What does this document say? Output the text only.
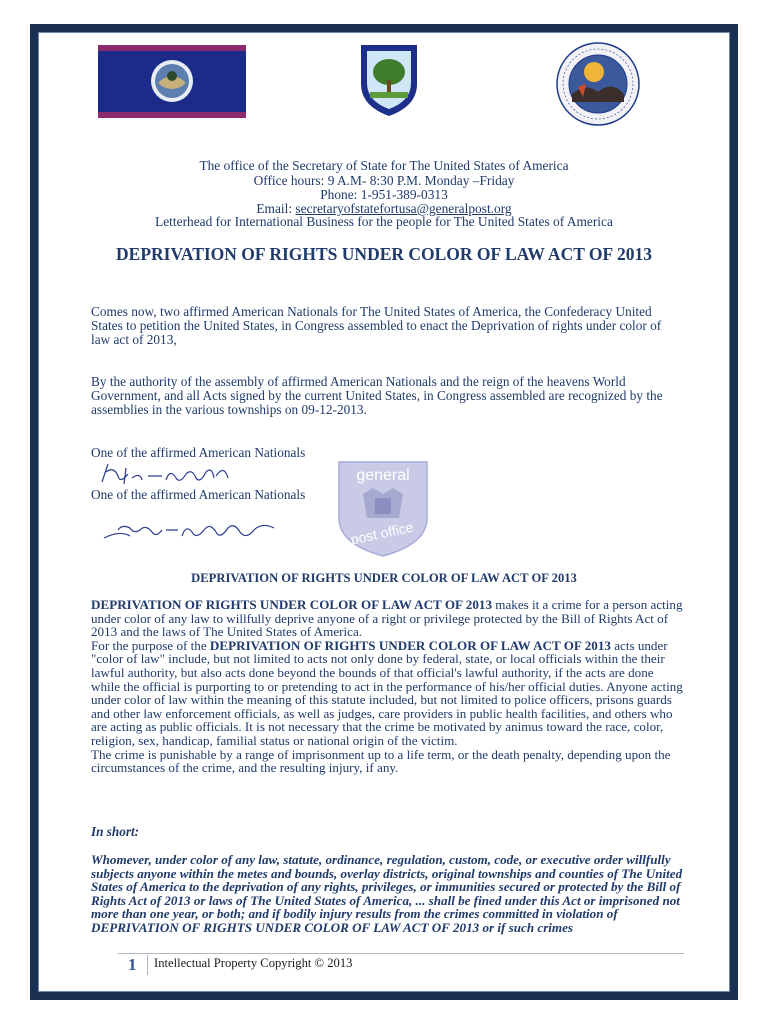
The office of the Secretary of State for The United States of America
Office hours: 9 A.M- 8:30 P.M. Monday –Friday
Phone: 1-951-389-0313
Email: secretaryofstatefortusa@generalpost.org
Letterhead for International Business for the people for The United States of America
DEPRIVATION OF RIGHTS UNDER COLOR OF LAW ACT OF 2013
Comes now, two affirmed American Nationals for The United States of America, the Confederacy United States to petition the United States, in Congress assembled to enact the Deprivation of rights under color of law act of 2013,
By the authority of the assembly of affirmed American Nationals and the reign of the heavens World Government, and all Acts signed by the current United States, in Congress assembled are recognized by the assemblies in the various townships on 09-12-2013.
One of the affirmed American Nationals
One of the affirmed American Nationals
general
post office
DEPRIVATION OF RIGHTS UNDER COLOR OF LAW ACT OF 2013

DEPRIVATION OF RIGHTS UNDER COLOR OF LAW ACT OF 2013 makes it a crime for a person acting under color of any law to willfully deprive anyone of a right or privilege protected by the Bill of Rights Act of 2013 and the laws of The United States of America.

For the purpose of the DEPRIVATION OF RIGHTS UNDER COLOR OF LAW ACT OF 2013 acts under "color of law" include, but not limited to acts not only done by federal, state, or local officials within the their lawful authority, but also acts done beyond the bounds of that official's lawful authority, if the acts are done while the official is purporting to or pretending to act in the performance of his/her official duties. Anyone acting under color of law within the meaning of this statute included, but not limited to police officers, prisons guards and other law enforcement officials, as well as judges, care providers in public health facilities, and others who are acting as public officials. It is not necessary that the crime be motivated by animus toward the race, color, religion, sex, handicap, familial status or national origin of the victim.

The crime is punishable by a range of imprisonment up to a life term, or the death penalty, depending upon the circumstances of the crime, and the resulting injury, if any.

In short:
Whomever, under color of any law, statute, ordinance, regulation, custom, code, or executive order willfully subjects anyone within the metes and bounds, overlay districts, original townships and counties of The United States of America to the deprivation of any rights, privileges, or immunities secured or protected by the Bill of Rights Act of 2013 or laws of The United States of America, ... shall be fined under this Act or imprisoned not more than one year, or both; and if bodily injury results from the crimes committed in violation of DEPRIVATION OF RIGHTS UNDER COLOR OF LAW ACT OF 2013 or if such crimes
1 Intellectual Property Copyright © 2013
